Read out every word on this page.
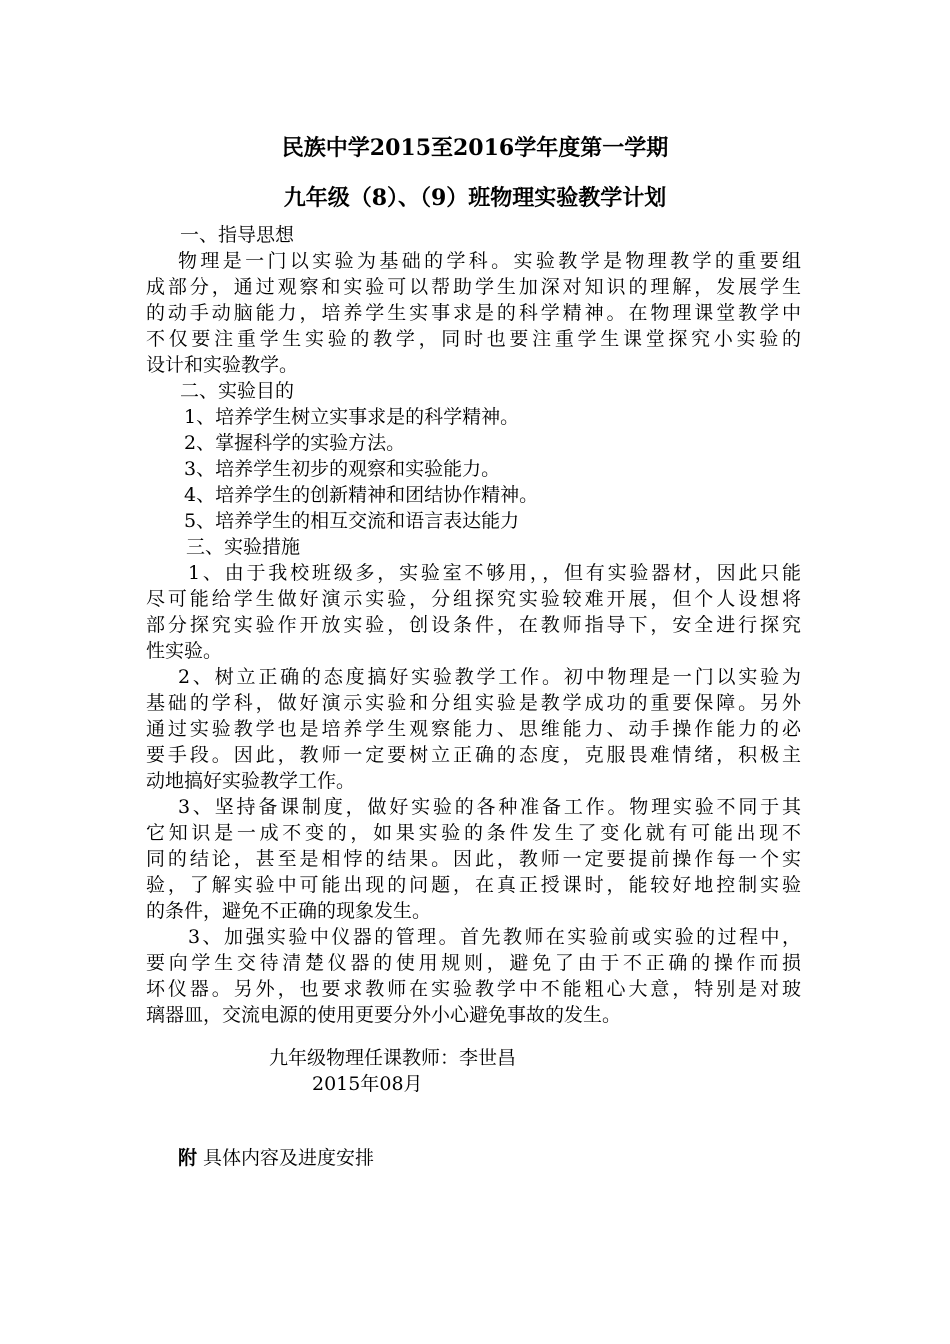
民族中学2015至2016学年度第一学期
九年级（8）、（9）班物理实验教学计划
一、指导思想
物理是一门以实验为基础的学科。实验教学是物理教学的重要组
成部分，通过观察和实验可以帮助学生加深对知识的理解，发展学生
的动手动脑能力，培养学生实事求是的科学精神。在物理课堂教学中
不仅要注重学生实验的教学，同时也要注重学生课堂探究小实验的
设计和实验教学。
二、实验目的
1、培养学生树立实事求是的科学精神。
2、掌握科学的实验方法。
3、培养学生初步的观察和实验能力。
4、培养学生的创新精神和团结协作精神。
5、培养学生的相互交流和语言表达能力
三、实验措施
1、由于我校班级多，实验室不够用，，但有实验器材，因此只能
尽可能给学生做好演示实验，分组探究实验较难开展，但个人设想将
部分探究实验作开放实验，创设条件，在教师指导下，安全进行探究
性实验。
2、树立正确的态度搞好实验教学工作。初中物理是一门以实验为
基础的学科，做好演示实验和分组实验是教学成功的重要保障。另外
通过实验教学也是培养学生观察能力、思维能力、动手操作能力的必
要手段。因此，教师一定要树立正确的态度，克服畏难情绪，积极主
动地搞好实验教学工作。
3、坚持备课制度，做好实验的各种准备工作。物理实验不同于其
它知识是一成不变的，如果实验的条件发生了变化就有可能出现不
同的结论，甚至是相悖的结果。因此，教师一定要提前操作每一个实
验，了解实验中可能出现的问题，在真正授课时，能较好地控制实验
的条件，避免不正确的现象发生。
3、加强实验中仪器的管理。首先教师在实验前或实验的过程中，
要向学生交待清楚仪器的使用规则，避免了由于不正确的操作而损
坏仪器。另外，也要求教师在实验教学中不能粗心大意，特别是对玻
璃器皿，交流电源的使用更要分外小心避免事故的发生。
九年级物理任课教师：李世昌
2015年08月
附 具体内容及进度安排
